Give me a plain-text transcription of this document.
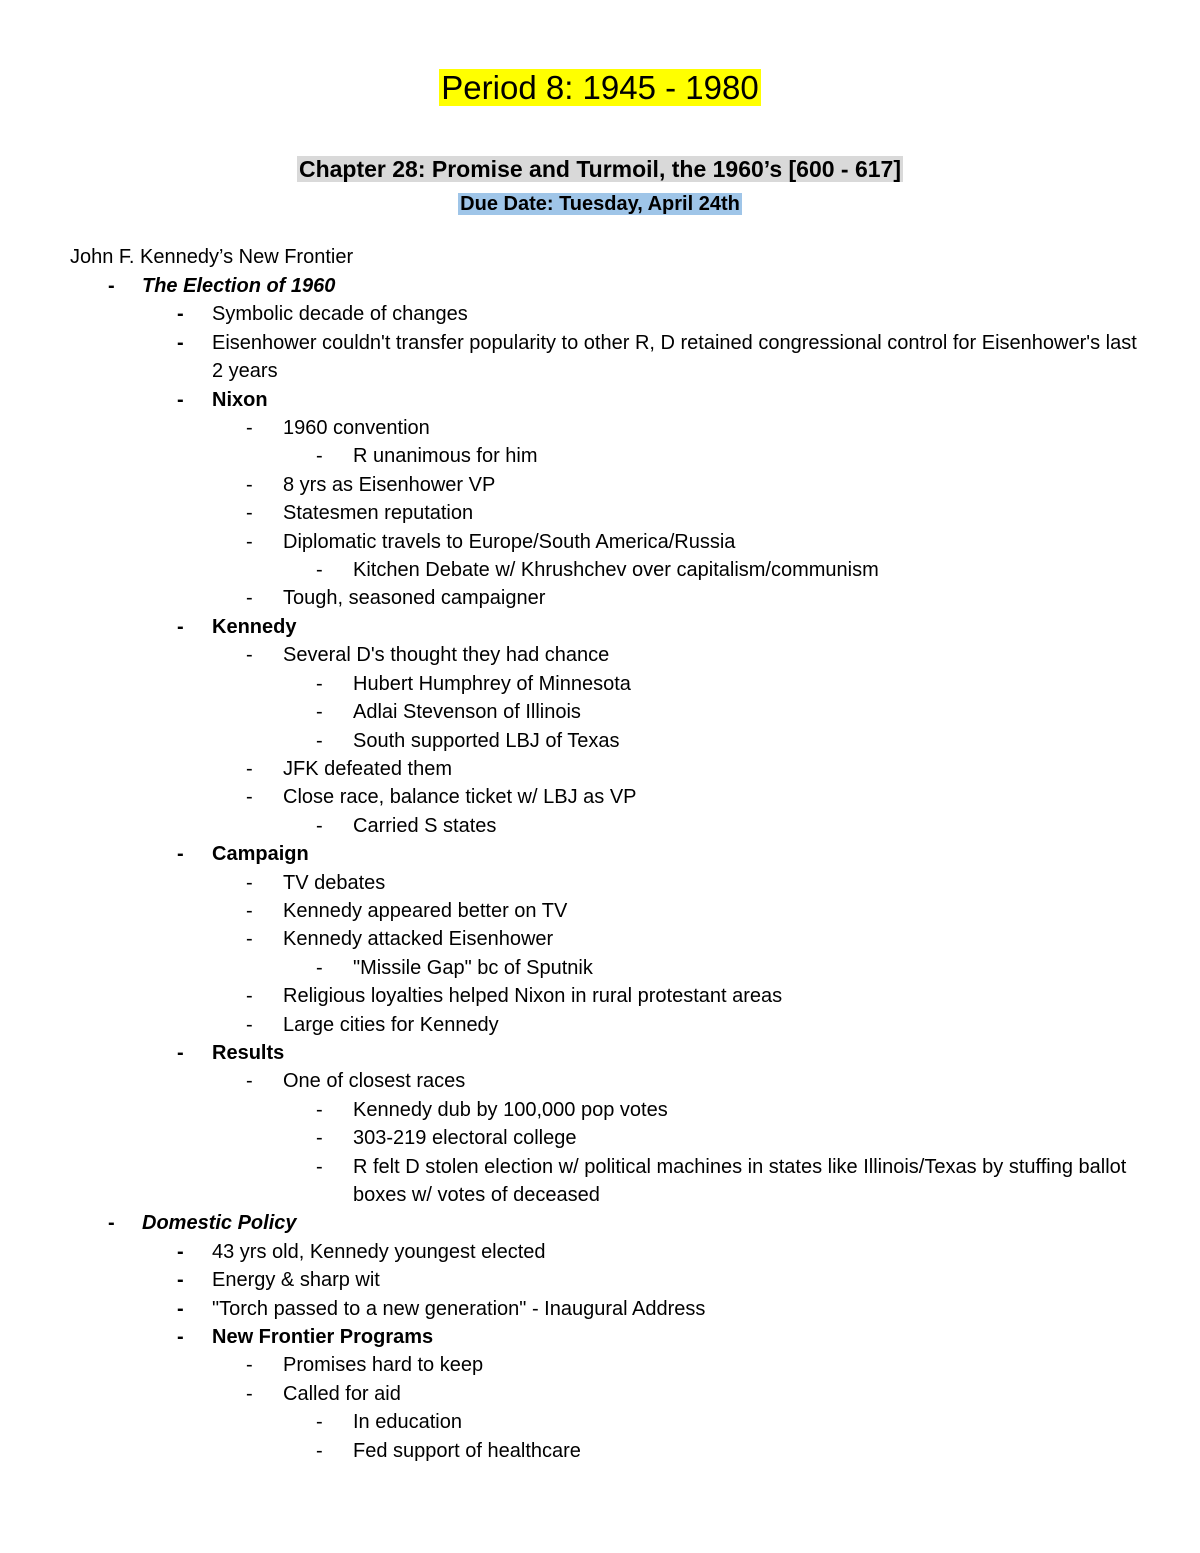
Period 8: 1945 - 1980
Chapter 28: Promise and Turmoil, the 1960’s [600 - 617]
Due Date: Tuesday, April 24th
John F. Kennedy’s New Frontier
- The Election of 1960
- Symbolic decade of changes
- Eisenhower couldn't transfer popularity to other R, D retained congressional control for Eisenhower's last 2 years
- Nixon
- 1960 convention
- R unanimous for him
- 8 yrs as Eisenhower VP
- Statesmen reputation
- Diplomatic travels to Europe/South America/Russia
- Kitchen Debate w/ Khrushchev over capitalism/communism
- Tough, seasoned campaigner
- Kennedy
- Several D's thought they had chance
- Hubert Humphrey of Minnesota
- Adlai Stevenson of Illinois
- South supported LBJ of Texas
- JFK defeated them
- Close race, balance ticket w/ LBJ as VP
- Carried S states
- Campaign
- TV debates
- Kennedy appeared better on TV
- Kennedy attacked Eisenhower
- "Missile Gap" bc of Sputnik
- Religious loyalties helped Nixon in rural protestant areas
- Large cities for Kennedy
- Results
- One of closest races
- Kennedy dub by 100,000 pop votes
- 303-219 electoral college
- R felt D stolen election w/ political machines in states like Illinois/Texas by stuffing ballot boxes w/ votes of deceased
- Domestic Policy
- 43 yrs old, Kennedy youngest elected
- Energy & sharp wit
- "Torch passed to a new generation" - Inaugural Address
- New Frontier Programs
- Promises hard to keep
- Called for aid
- In education
- Fed support of healthcare
